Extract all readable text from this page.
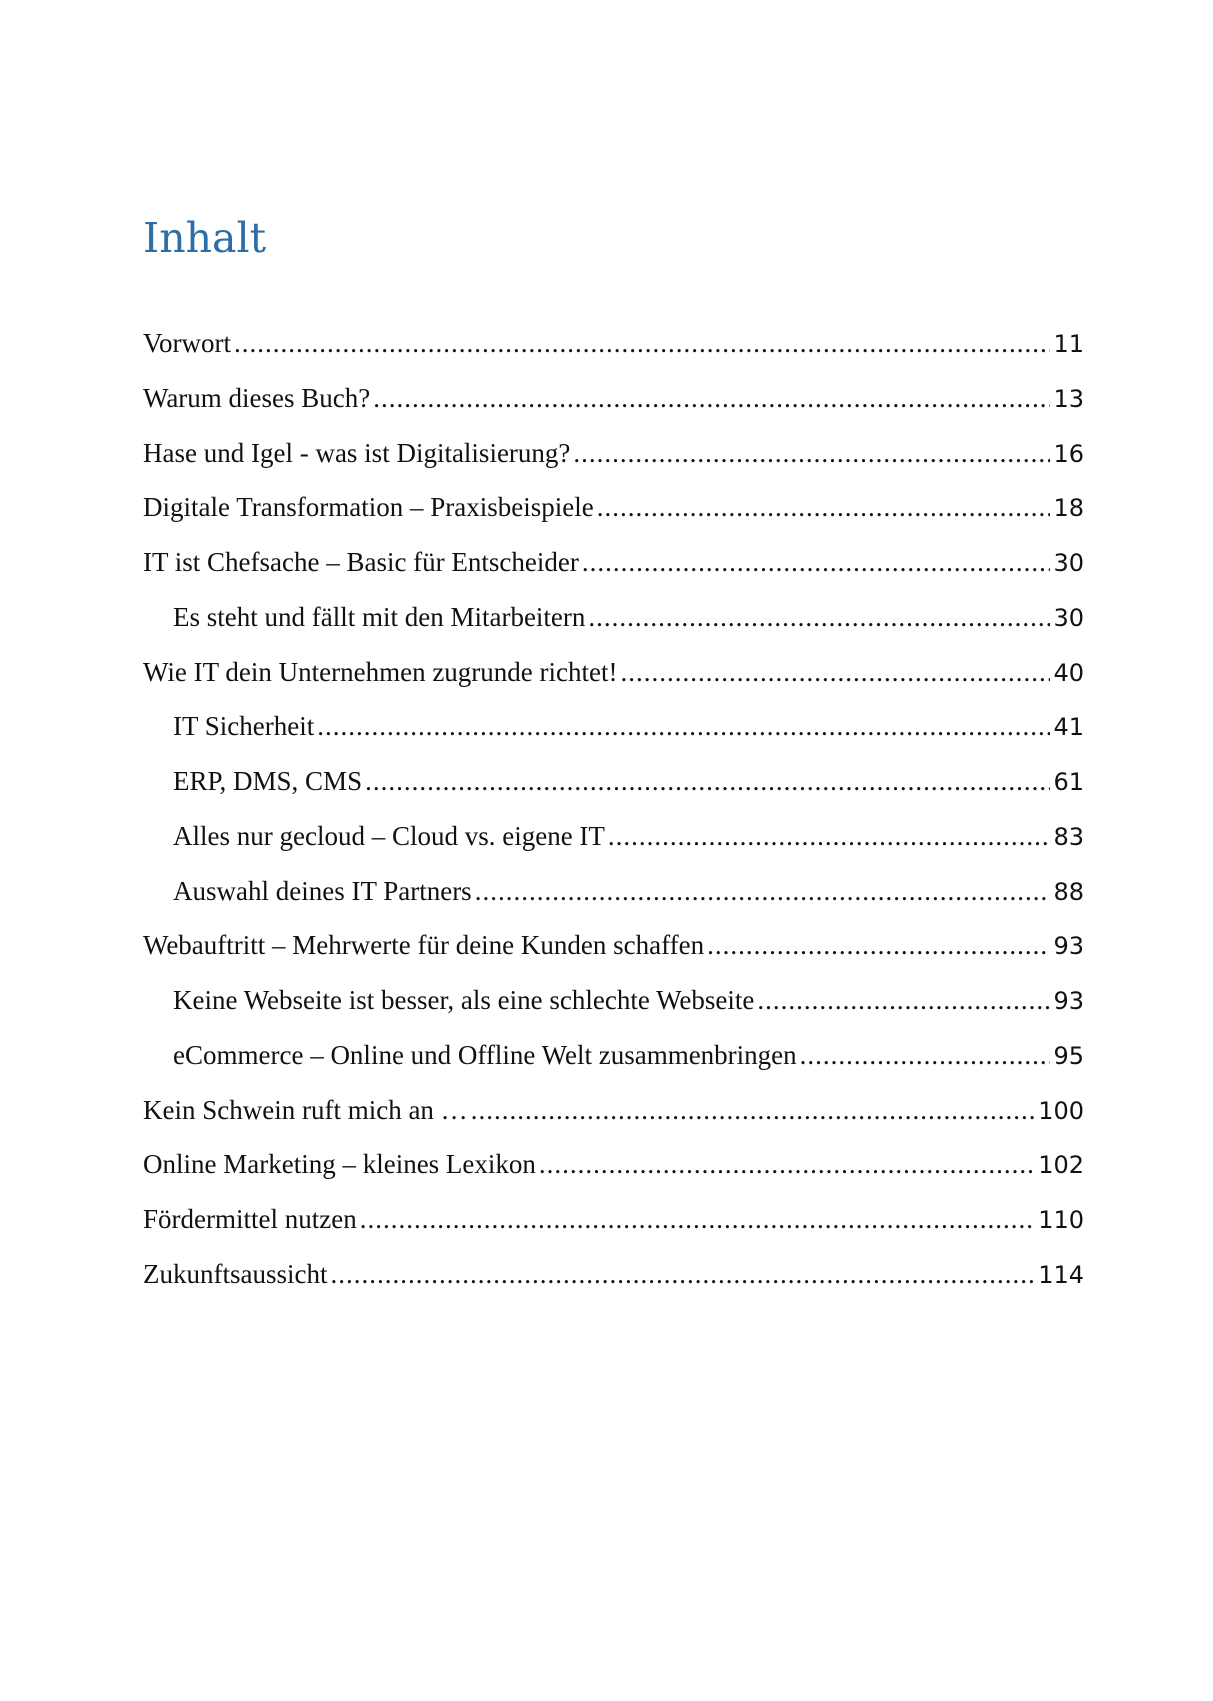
Inhalt
Vorwort .....	11
Warum dieses Buch? .....	13
Hase und Igel - was ist Digitalisierung? .....	16
Digitale Transformation – Praxisbeispiele .....	18
IT ist Chefsache – Basic für Entscheider .....	30
Es steht und fällt mit den Mitarbeitern .....	30
Wie IT dein Unternehmen zugrunde richtet! .....	40
IT Sicherheit .....	41
ERP, DMS, CMS .....	61
Alles nur gecloud – Cloud vs. eigene IT .....	83
Auswahl deines IT Partners .....	88
Webauftritt – Mehrwerte für deine Kunden schaffen .....	93
Keine Webseite ist besser, als eine schlechte Webseite .....	93
eCommerce – Online und Offline Welt zusammenbringen .....	95
Kein Schwein ruft mich an … .....	100
Online Marketing – kleines Lexikon .....	102
Fördermittel nutzen .....	110
Zukunftsaussicht .....	114
